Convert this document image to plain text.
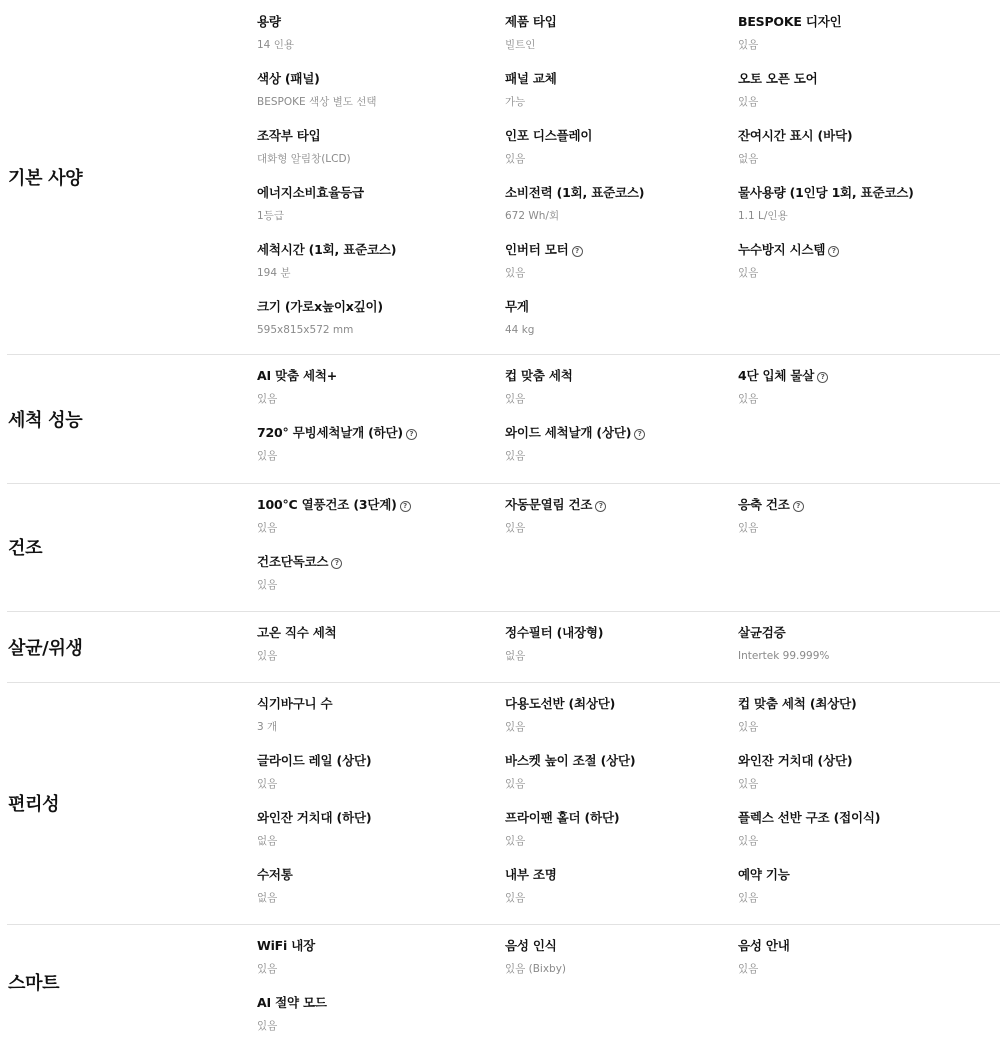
기본 사양
용량
14 인용
제품 타입
빌트인
BESPOKE 디자인
있음
색상 (패널)
BESPOKE 색상 별도 선택
패널 교체
가능
오토 오픈 도어
있음
조작부 타입
대화형 알림창(LCD)
인포 디스플레이
있음
잔여시간 표시 (바닥)
없음
에너지소비효율등급
1등급
소비전력 (1회, 표준코스)
672 Wh/회
물사용량 (1인당 1회, 표준코스)
1.1 L/인용
세척시간 (1회, 표준코스)
194 분
인버터 모터 ?
있음
누수방지 시스템 ?
있음
크기 (가로x높이x깊이)
595x815x572 mm
무게
44 kg
세척 성능
AI 맞춤 세척+
있음
컵 맞춤 세척
있음
4단 입체 물살 ?
있음
720° 무빙세척날개 (하단) ?
있음
와이드 세척날개 (상단) ?
있음
건조
100°C 열풍건조 (3단계) ?
있음
자동문열림 건조 ?
있음
응축 건조 ?
있음
건조단독코스 ?
있음
살균/위생
고온 직수 세척
있음
정수필터 (내장형)
없음
살균검증
Intertek 99.999%
편리성
식기바구니 수
3 개
다용도선반 (최상단)
있음
컵 맞춤 세척 (최상단)
있음
글라이드 레일 (상단)
있음
바스켓 높이 조절 (상단)
있음
와인잔 거치대 (상단)
있음
와인잔 거치대 (하단)
없음
프라이팬 홀더 (하단)
있음
플렉스 선반 구조 (접이식)
있음
수저통
없음
내부 조명
있음
예약 기능
있음
스마트
WiFi 내장
있음
음성 인식
있음 (Bixby)
음성 안내
있음
AI 절약 모드
있음
